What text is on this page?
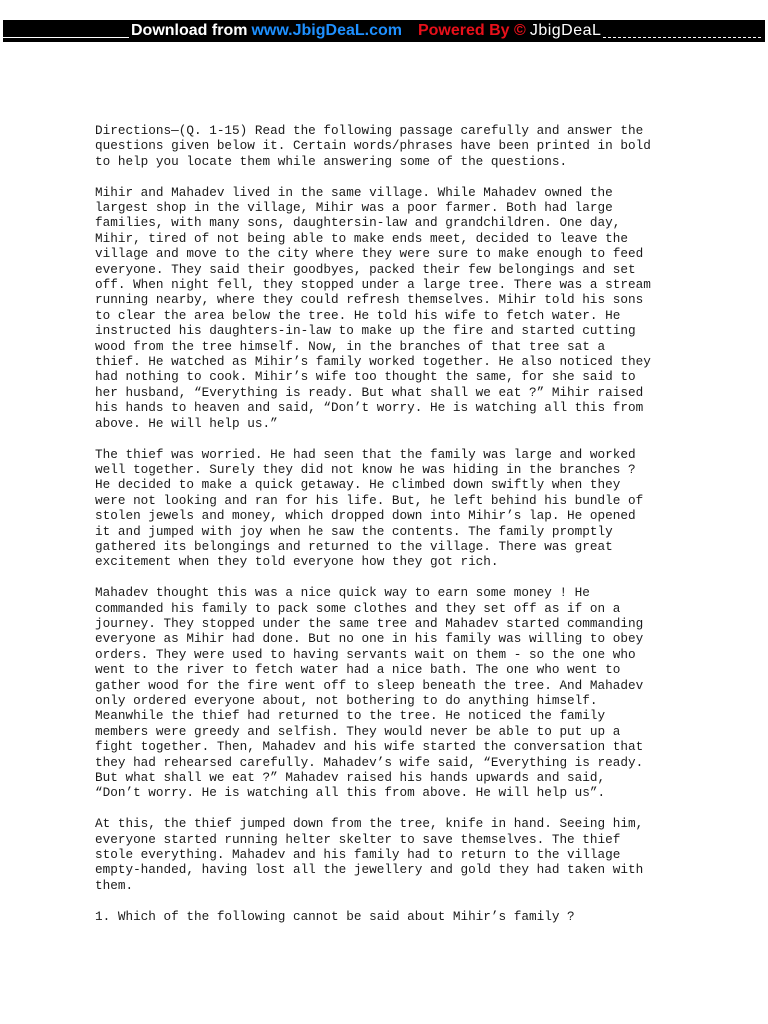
Download from www.JbigDeaL.com Powered By © JbigDeaL

Directions—(Q. 1-15) Read the following passage carefully and answer the
questions given below it. Certain words/phrases have been printed in bold
to help you locate them while answering some of the questions.

Mihir and Mahadev lived in the same village. While Mahadev owned the
largest shop in the village, Mihir was a poor farmer. Both had large
families, with many sons, daughtersin-law and grandchildren. One day,
Mihir, tired of not being able to make ends meet, decided to leave the
village and move to the city where they were sure to make enough to feed
everyone. They said their goodbyes, packed their few belongings and set
off. When night fell, they stopped under a large tree. There was a stream
running nearby, where they could refresh themselves. Mihir told his sons
to clear the area below the tree. He told his wife to fetch water. He
instructed his daughters-in-law to make up the fire and started cutting
wood from the tree himself. Now, in the branches of that tree sat a
thief. He watched as Mihir’s family worked together. He also noticed they
had nothing to cook. Mihir’s wife too thought the same, for she said to
her husband, “Everything is ready. But what shall we eat ?” Mihir raised
his hands to heaven and said, “Don’t worry. He is watching all this from
above. He will help us.”

The thief was worried. He had seen that the family was large and worked
well together. Surely they did not know he was hiding in the branches ?
He decided to make a quick getaway. He climbed down swiftly when they
were not looking and ran for his life. But, he left behind his bundle of
stolen jewels and money, which dropped down into Mihir’s lap. He opened
it and jumped with joy when he saw the contents. The family promptly
gathered its belongings and returned to the village. There was great
excitement when they told everyone how they got rich.

Mahadev thought this was a nice quick way to earn some money ! He
commanded his family to pack some clothes and they set off as if on a
journey. They stopped under the same tree and Mahadev started commanding
everyone as Mihir had done. But no one in his family was willing to obey
orders. They were used to having servants wait on them - so the one who
went to the river to fetch water had a nice bath. The one who went to
gather wood for the fire went off to sleep beneath the tree. And Mahadev
only ordered everyone about, not bothering to do anything himself.
Meanwhile the thief had returned to the tree. He noticed the family
members were greedy and selfish. They would never be able to put up a
fight together. Then, Mahadev and his wife started the conversation that
they had rehearsed carefully. Mahadev’s wife said, “Everything is ready.
But what shall we eat ?” Mahadev raised his hands upwards and said,
“Don’t worry. He is watching all this from above. He will help us”.

At this, the thief jumped down from the tree, knife in hand. Seeing him,
everyone started running helter skelter to save themselves. The thief
stole everything. Mahadev and his family had to return to the village
empty-handed, having lost all the jewellery and gold they had taken with
them.

1. Which of the following cannot be said about Mihir’s family ?
